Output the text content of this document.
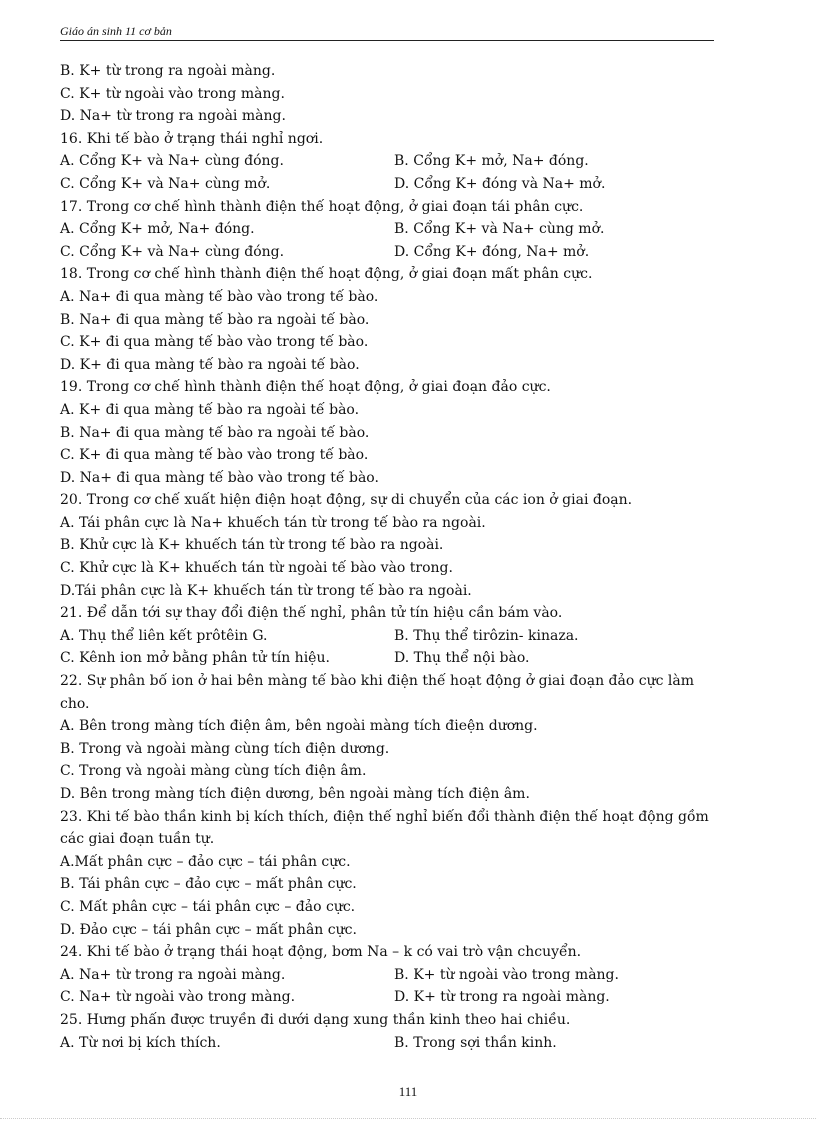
Giáo án sinh 11 cơ bản
B. K+ từ trong ra ngoài màng.
C. K+ từ ngoài vào trong màng.
D. Na+ từ trong ra ngoài màng.
16. Khi tế bào ở trạng thái nghỉ ngơi.
A. Cổng K+ và Na+ cùng đóng.	B. Cổng K+ mở, Na+ đóng.
C. Cổng K+ và Na+ cùng mở.	D. Cổng K+ đóng và Na+ mở.
17. Trong cơ chế hình thành điện thế hoạt động, ở giai đoạn tái phân cực.
A. Cổng K+ mở, Na+ đóng.	B. Cổng K+ và Na+ cùng mở.
C. Cổng K+ và Na+ cùng đóng.	D. Cổng K+ đóng, Na+ mở.
18. Trong cơ chế hình thành điện thế hoạt động, ở giai đoạn mất phân cực.
A. Na+ đi qua màng tế bào vào trong tế bào.
B. Na+ đi qua màng tế bào ra ngoài tế bào.
C. K+ đi qua màng tế bào vào trong tế bào.
D. K+ đi qua màng tế bào ra ngoài tế bào.
19. Trong cơ chế hình thành điện thế hoạt động, ở giai đoạn đảo cực.
A. K+ đi qua màng tế bào ra ngoài tế bào.
B. Na+ đi qua màng tế bào ra ngoài tế bào.
C. K+ đi qua màng tế bào vào trong tế bào.
D. Na+ đi qua màng tế bào vào trong tế bào.
20. Trong cơ chế xuất hiện điện hoạt động, sự di chuyển của các ion ở giai đoạn.
A. Tái phân cực là Na+ khuếch tán từ trong tế bào ra ngoài.
B. Khử cực là K+ khuếch tán từ trong tế bào ra ngoài.
C. Khử cực là K+ khuếch tán từ ngoài tế bào vào trong.
D.Tái phân cực là K+ khuếch tán từ trong tế bào ra ngoài.
21. Để dẫn tới sự thay đổi điện thế nghỉ, phân tử tín hiệu cần bám vào.
A. Thụ thể liên kết prôtêin G.	B. Thụ thể tirôzin- kinaza.
C. Kênh ion mở bằng phân tử tín hiệu.	D. Thụ thể nội bào.
22. Sự phân bố ion ở hai bên màng tế bào khi điện thế hoạt động ở giai đoạn đảo cực làm
cho.
A. Bên trong màng tích điện âm, bên ngoài màng tích đieện dương.
B. Trong và ngoài màng cùng tích điện dương.
C. Trong và ngoài màng cùng tích điện âm.
D. Bên trong màng tích điện dương, bên ngoài màng tích điện âm.
23. Khi tế bào thần kinh bị kích thích, điện thế nghỉ biến đổi thành điện thế hoạt động gồm
các giai đoạn tuần tự.
A.Mất phân cực – đảo cực – tái phân cực.
B. Tái phân cực – đảo cực – mất phân cực.
C. Mất phân cực – tái phân cực – đảo cực.
D. Đảo cực – tái phân cực – mất phân cực.
24. Khi tế bào ở trạng thái hoạt động, bơm Na – k có vai trò vận chcuyển.
A. Na+ từ trong ra ngoài màng.	B. K+ từ ngoài vào trong màng.
C. Na+ từ ngoài vào trong màng.	D. K+ từ trong ra ngoài màng.
25. Hưng phấn được truyền đi dưới dạng xung thần kinh theo hai chiều.
A. Từ nơi bị kích thích.	B. Trong sợi thần kinh.
111
